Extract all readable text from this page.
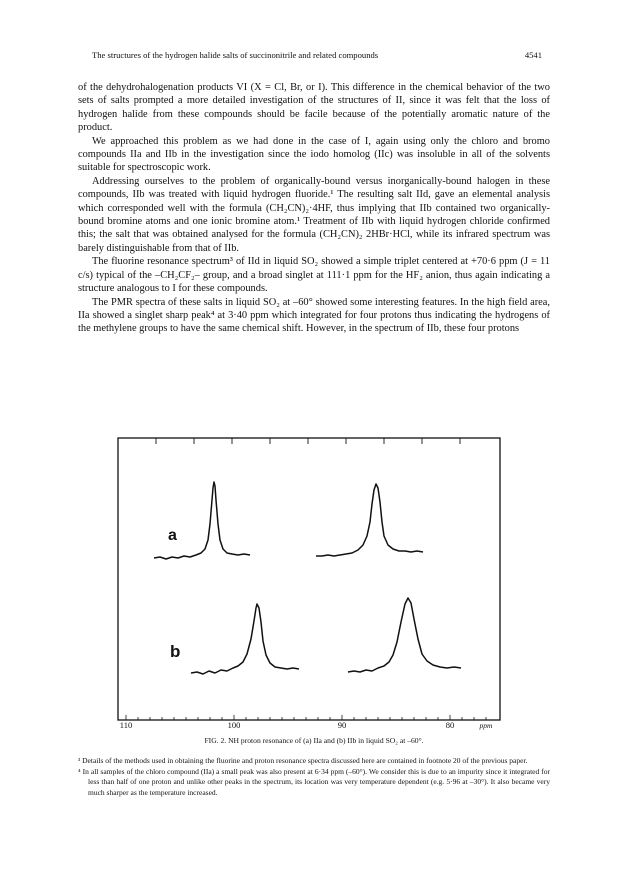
The structures of the hydrogen halide salts of succinonitrile and related compounds	4541

of the dehydrohalogenation products VI (X = Cl, Br, or I). This difference in the chemical behavior of the two sets of salts prompted a more detailed investigation of the structures of II, since it was felt that the loss of hydrogen halide from these compounds should be facile because of the potentially aromatic nature of the product.

We approached this problem as we had done in the case of I, again using only the chloro and bromo compounds IIa and IIb in the investigation since the iodo homolog (IIc) was insoluble in all of the solvents suitable for spectroscopic work.

Addressing ourselves to the problem of organically-bound versus inorganically-bound halogen in these compounds, IIb was treated with liquid hydrogen fluoride.¹ The resulting salt IId, gave an elemental analysis which corresponded well with the formula (CH₂CN)₂·4HF, thus implying that IIb contained two organically-bound bromine atoms and one ionic bromine atom.¹ Treatment of IIb with liquid hydrogen chloride confirmed this; the salt that was obtained analysed for the formula (CH₂CN)₂ 2HBr·HCl, while its infrared spectrum was barely distinguishable from that of IIb.

The fluorine resonance spectrum³ of IId in liquid SO₂ showed a simple triplet centered at +70·6 ppm (J = 11 c/s) typical of the –CH₂CF₂– group, and a broad singlet at 111·1 ppm for the HF₂ anion, thus again indicating a structure analogous to I for these compounds.

The PMR spectra of these salts in liquid SO₂ at –60° showed some interesting features. In the high field area, IIa showed a singlet sharp peak⁴ at 3·40 ppm which integrated for four protons thus indicating the hydrogens of the methylene groups to have the same chemical shift. However, in the spectrum of IIb, these four protons

a
b
110	100	90	80	ppm
FIG. 2. NH proton resonance of (a) IIa and (b) IIb in liquid SO₂ at –60°.

³ Details of the methods used in obtaining the fluorine and proton resonance spectra discussed here are contained in footnote 20 of the previous paper.

⁴ In all samples of the chloro compound (IIa) a small peak was also present at 6·34 ppm (–60°). We consider this is due to an impurity since it integrated for less than half of one proton and unlike other peaks in the spectrum, its location was very temperature dependent (e.g. 5·96 at –30°). It also became very much sharper as the temperature increased.
